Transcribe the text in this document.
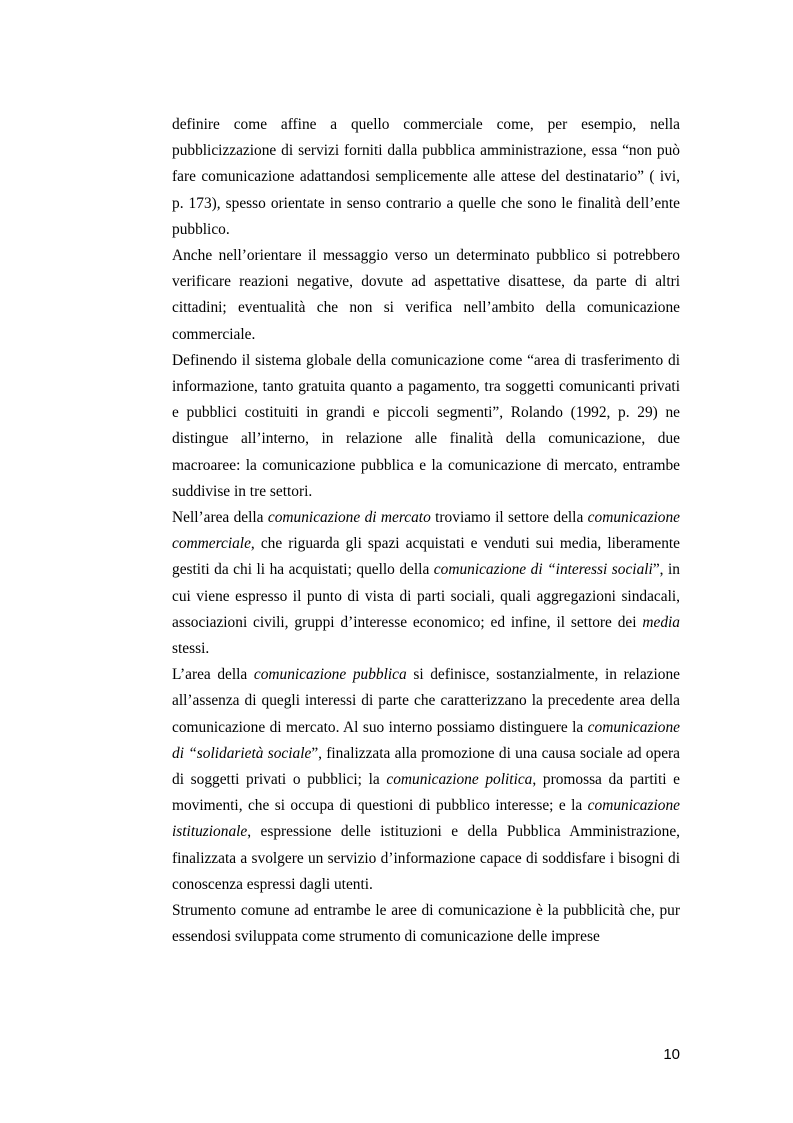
definire come affine a quello commerciale come, per esempio, nella pubblicizzazione di servizi forniti dalla pubblica amministrazione, essa “non può fare comunicazione adattandosi semplicemente alle attese del destinatario” ( ivi, p. 173), spesso orientate in senso contrario a quelle che sono le finalità dell’ente pubblico.

Anche nell’orientare il messaggio verso un determinato pubblico si potrebbero verificare reazioni negative, dovute ad aspettative disattese, da parte di altri cittadini; eventualità che non si verifica nell’ambito della comunicazione commerciale.

Definendo il sistema globale della comunicazione come “area di trasferimento di informazione, tanto gratuita quanto a pagamento, tra soggetti comunicanti privati e pubblici costituiti in grandi e piccoli segmenti”, Rolando (1992, p. 29) ne distingue all’interno, in relazione alle finalità della comunicazione, due macroaree: la comunicazione pubblica e la comunicazione di mercato, entrambe suddivise in tre settori.

Nell’area della comunicazione di mercato troviamo il settore della comunicazione commerciale, che riguarda gli spazi acquistati e venduti sui media, liberamente gestiti da chi li ha acquistati; quello della comunicazione di “interessi sociali”, in cui viene espresso il punto di vista di parti sociali, quali aggregazioni sindacali, associazioni civili, gruppi d’interesse economico; ed infine, il settore dei media stessi.

L’area della comunicazione pubblica si definisce, sostanzialmente, in relazione all’assenza di quegli interessi di parte che caratterizzano la precedente area della comunicazione di mercato. Al suo interno possiamo distinguere la comunicazione di “solidarietà sociale”, finalizzata alla promozione di una causa sociale ad opera di soggetti privati o pubblici; la comunicazione politica, promossa da partiti e movimenti, che si occupa di questioni di pubblico interesse; e la comunicazione istituzionale, espressione delle istituzioni e della Pubblica Amministrazione, finalizzata a svolgere un servizio d’informazione capace di soddisfare i bisogni di conoscenza espressi dagli utenti.

Strumento comune ad entrambe le aree di comunicazione è la pubblicità che, pur essendosi sviluppata come strumento di comunicazione delle imprese

10
